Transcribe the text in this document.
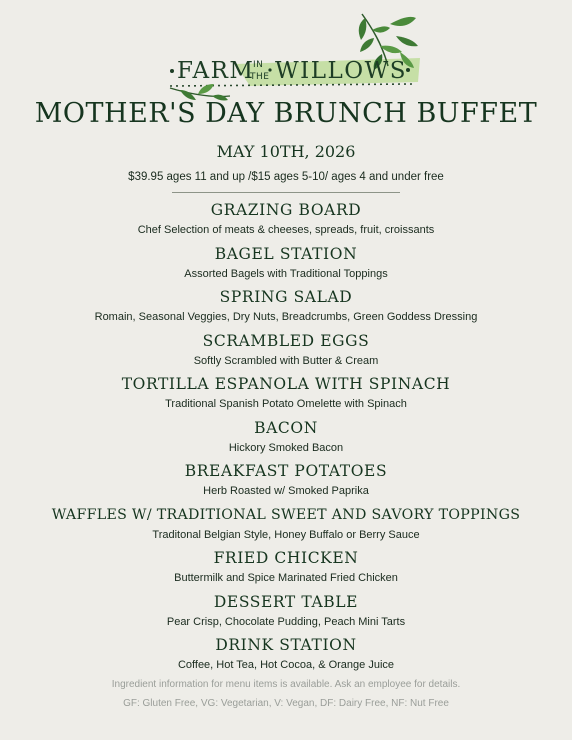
FARM
IN
THE WILLOWS
MOTHER'S DAY BRUNCH BUFFET
MAY 10TH, 2026
$39.95 ages 11 and up /$15 ages 5-10/ ages 4 and under free
GRAZING BOARD
Chef Selection of meats & cheeses, spreads, fruit, croissants
BAGEL STATION
Assorted Bagels with Traditional Toppings
SPRING SALAD
Romain, Seasonal Veggies, Dry Nuts, Breadcrumbs, Green Goddess Dressing
SCRAMBLED EGGS
Softly Scrambled with Butter & Cream
TORTILLA ESPANOLA WITH SPINACH
Traditional Spanish Potato Omelette with Spinach
BACON
Hickory Smoked Bacon
BREAKFAST POTATOES
Herb Roasted w/ Smoked Paprika
WAFFLES W/ TRADITIONAL SWEET AND SAVORY TOPPINGS
Traditonal Belgian Style, Honey Buffalo or Berry Sauce
FRIED CHICKEN
Buttermilk and Spice Marinated Fried Chicken
DESSERT TABLE
Pear Crisp, Chocolate Pudding, Peach Mini Tarts
DRINK STATION
Coffee, Hot Tea, Hot Cocoa, & Orange Juice
Ingredient information for menu items is available. Ask an employee for details.
GF: Gluten Free, VG: Vegetarian, V: Vegan, DF: Dairy Free, NF: Nut Free
